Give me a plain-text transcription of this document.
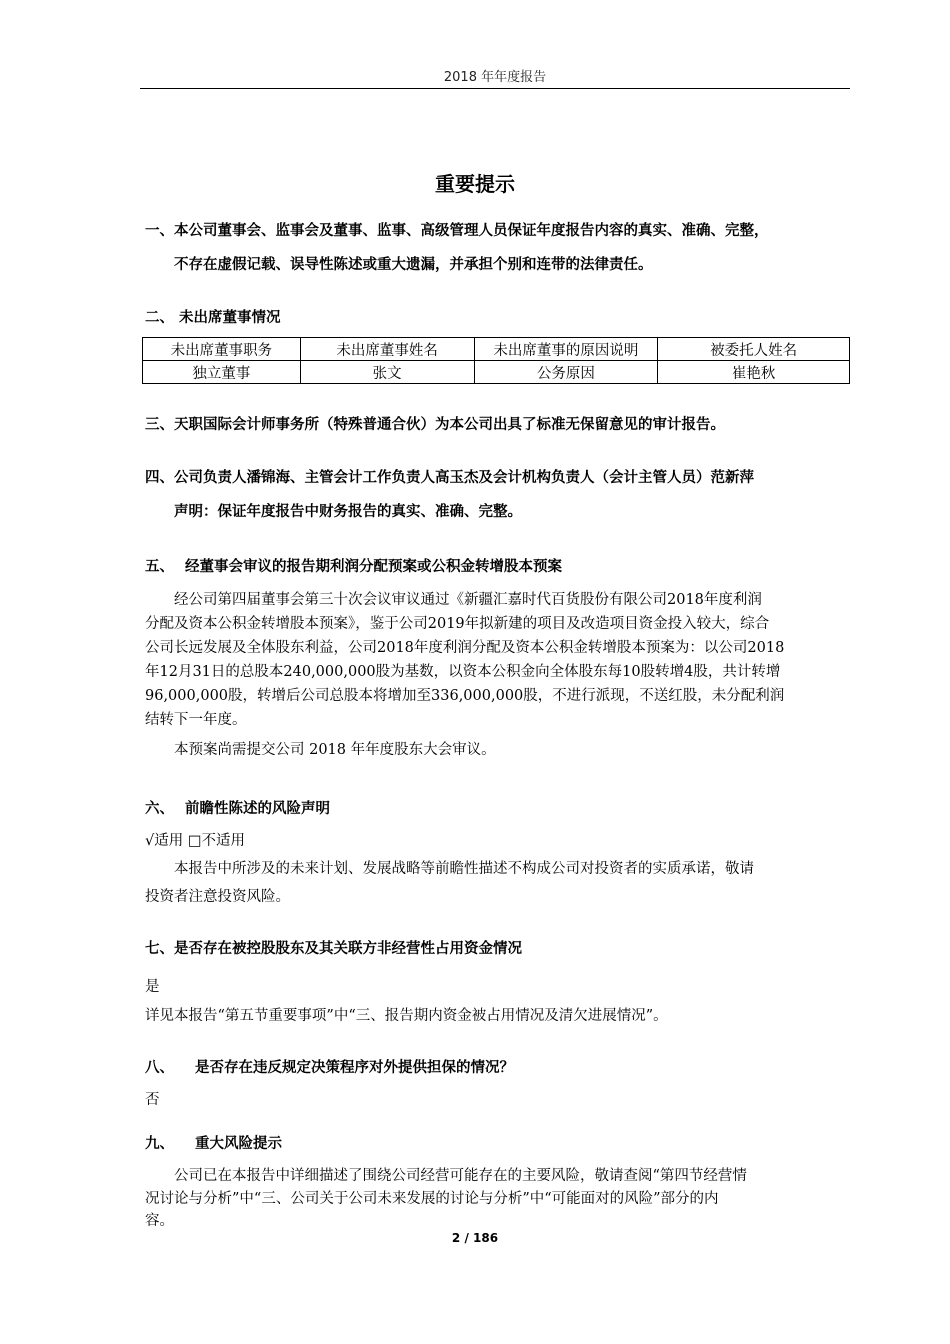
2018 年年度报告
重要提示
一、本公司董事会、监事会及董事、监事、高级管理人员保证年度报告内容的真实、准确、完整，
不存在虚假记载、误导性陈述或重大遗漏，并承担个别和连带的法律责任。
二、 未出席董事情况
未出席董事职务	未出席董事姓名	未出席董事的原因说明	被委托人姓名
独立董事	张文	公务原因	崔艳秋
三、天职国际会计师事务所（特殊普通合伙）为本公司出具了标准无保留意见的审计报告。
四、公司负责人潘锦海、主管会计工作负责人高玉杰及会计机构负责人（会计主管人员）范新萍
声明：保证年度报告中财务报告的真实、准确、完整。
五、 经董事会审议的报告期利润分配预案或公积金转增股本预案
经公司第四届董事会第三十次会议审议通过《新疆汇嘉时代百货股份有限公司2018年度利润
分配及资本公积金转增股本预案》，鉴于公司2019年拟新建的项目及改造项目资金投入较大，综合
公司长远发展及全体股东利益，公司2018年度利润分配及资本公积金转增股本预案为：以公司2018
年12月31日的总股本240,000,000股为基数，以资本公积金向全体股东每10股转增4股，共计转增
96,000,000股，转增后公司总股本将增加至336,000,000股，不进行派现，不送红股，未分配利润
结转下一年度。
本预案尚需提交公司 2018 年年度股东大会审议。
六、 前瞻性陈述的风险声明
√适用 □不适用
本报告中所涉及的未来计划、发展战略等前瞻性描述不构成公司对投资者的实质承诺，敬请
投资者注意投资风险。
七、是否存在被控股股东及其关联方非经营性占用资金情况
是
详见本报告“第五节重要事项”中“三、报告期内资金被占用情况及清欠进展情况”。
八、 是否存在违反规定决策程序对外提供担保的情况？
否
九、 重大风险提示
公司已在本报告中详细描述了围绕公司经营可能存在的主要风险，敬请查阅“第四节经营情
况讨论与分析”中“三、公司关于公司未来发展的讨论与分析”中“可能面对的风险”部分的内
容。
2 / 186
